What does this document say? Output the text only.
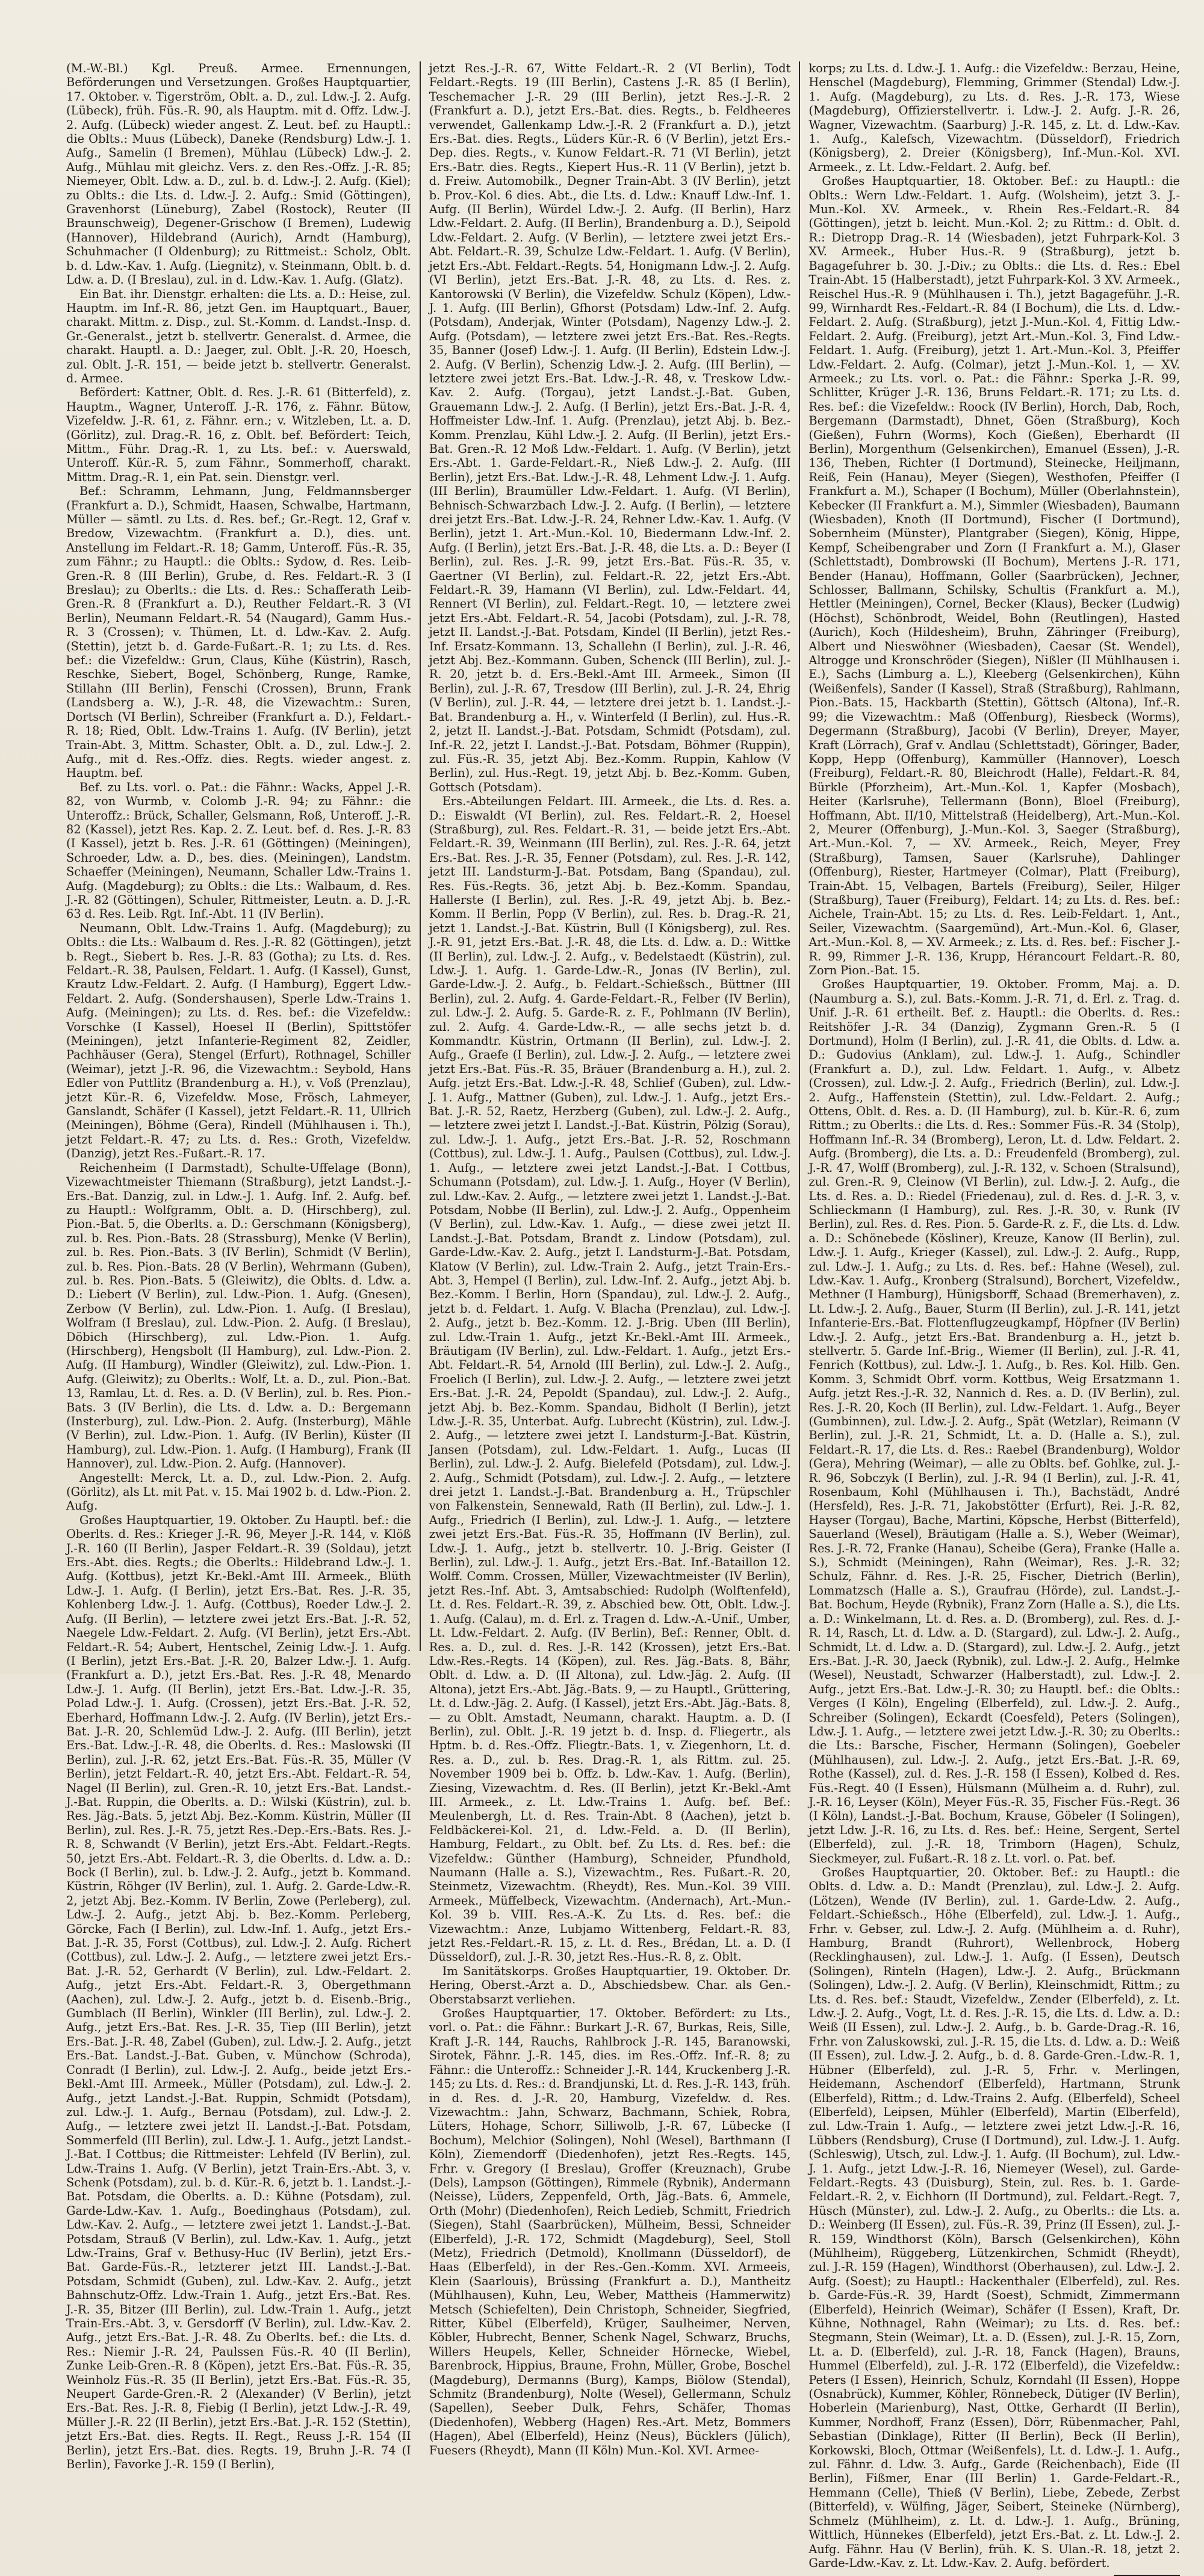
(M.-W.-Bl.) Kgl. Preuß. Armee. Ernennungen, Beförderungen und Versetzungen. Großes Hauptquartier, 17. Oktober. v. Tigerström, Oblt. a. D., zul. Ldw.-J. 2. Aufg. (Lübeck), früh. Füs.-R. 90, als Hauptm. mit d. Offz. Ldw.-J. 2. Aufg. (Lübeck) wieder angest. Z. Leut. bef. zu Hauptl.: die Oblts.: Muus (Lübeck), Daneke (Rendsburg) Ldw.-J. 1. Aufg., Samelin (I Bremen), Mühlau (Lübeck) Ldw.-J. 2. Aufg., Mühlau mit gleichz. Vers. z. den Res.-Offz. J.-R. 85; Niemeyer, Oblt. Ldw. a. D., zul. b. d. Ldw.-J. 2. Aufg. (Kiel); zu Oblts.: die Lts. d. Ldw.-J. 2. Aufg.: Smid (Göttingen), Gravenhorst (Lüneburg), Zabel (Rostock), Reuter (II Braunschweig), Degener-Grischow (I Bremen), Ludewig (Hannover), Hildebrand (Aurich), Arndt (Hamburg), Schuhmacher (I Oldenburg); zu Rittmeist.: Scholz, Oblt. b. d. Ldw.-Kav. 1. Aufg. (Liegnitz), v. Steinmann, Oblt. b. d. Ldw. a. D. (I Breslau), zul. in d. Ldw.-Kav. 1. Aufg. (Glatz).

Ein Bat. ihr. Dienstgr. erhalten: die Lts. a. D.: Heise, zul. Hauptm. im Inf.-R. 86, jetzt Gen. im Hauptquart., Bauer, charakt. Mittm. z. Disp., zul. St.-Komm. d. Landst.-Insp. d. Gr.-Generalst., jetzt b. stellvertr. Generalst. d. Armee, die charakt. Hauptl. a. D.: Jaeger, zul. Oblt. J.-R. 20, Hoesch, zul. Oblt. J.-R. 151, — beide jetzt b. stellvertr. Generalst. d. Armee.

Befördert: Kattner, Oblt. d. Res. J.-R. 61 (Bitterfeld), z. Hauptm., Wagner, Unteroff. J.-R. 176, z. Fähnr. Bütow, Vizefeldw. J.-R. 61, z. Fähnr. ern.; v. Witzleben, Lt. a. D. (Görlitz), zul. Drag.-R. 16, z. Oblt. bef. Befördert: Teich, Mittm., Führ. Drag.-R. 1, zu Lts. bef.: v. Auerswald, Unteroff. Kür.-R. 5, zum Fähnr., Sommerhoff, charakt. Mittm. Drag.-R. 1, ein Pat. sein. Dienstgr. verl.

Bef.: Schramm, Lehmann, Jung, Feldmannsberger (Frankfurt a. D.), Schmidt, Haasen, Schwalbe, Hartmann, Müller — sämtl. zu Lts. d. Res. bef.; Gr.-Regt. 12, Graf v. Bredow, Vizewachtm. (Frankfurt a. D.), dies. unt. Anstellung im Feldart.-R. 18; Gamm, Unteroff. Füs.-R. 35, zum Fähnr.; zu Hauptl.: die Oblts.: Sydow, d. Res. Leib-Gren.-R. 8 (III Berlin), Grube, d. Res. Feldart.-R. 3 (I Breslau); zu Oberlts.: die Lts. d. Res.: Schafferath Leib-Gren.-R. 8 (Frankfurt a. D.), Reuther Feldart.-R. 3 (VI Berlin), Neumann Feldart.-R. 54 (Naugard), Gamm Hus.-R. 3 (Crossen); v. Thümen, Lt. d. Ldw.-Kav. 2. Aufg. (Stettin), jetzt b. d. Garde-Fußart.-R. 1; zu Lts. d. Res. bef.: die Vizefeldw.: Grun, Claus, Kühe (Küstrin), Rasch, Reschke, Siebert, Bogel, Schönberg, Runge, Ramke, Stillahn (III Berlin), Fenschi (Crossen), Brunn, Frank (Landsberg a. W.), J.-R. 48, die Vizewachtm.: Suren, Dortsch (VI Berlin), Schreiber (Frankfurt a. D.), Feldart.-R. 18; Ried, Oblt. Ldw.-Trains 1. Aufg. (IV Berlin), jetzt Train-Abt. 3, Mittm. Schaster, Oblt. a. D., zul. Ldw.-J. 2. Aufg., mit d. Res.-Offz. dies. Regts. wieder angest. z. Hauptm. bef.

Bef. zu Lts. vorl. o. Pat.: die Fähnr.: Wacks, Appel J.-R. 82, von Wurmb, v. Colomb J.-R. 94; zu Fähnr.: die Unteroffz.: Brück, Schaller, Gelsmann, Roß, Unteroff. J.-R. 82 (Kassel), jetzt Res. Kap. 2. Z. Leut. bef. d. Res. J.-R. 83 (I Kassel), jetzt b. Res. J.-R. 61 (Göttingen) (Meiningen), Schroeder, Ldw. a. D., bes. dies. (Meiningen), Landstm. Schaeffer (Meiningen), Neumann, Schaller Ldw.-Trains 1. Aufg. (Magdeburg); zu Oblts.: die Lts.: Walbaum, d. Res. J.-R. 82 (Göttingen), Schuler, Rittmeister, Leutn. a. D. J.-R. 63 d. Res. Leib. Rgt. Inf.-Abt. 11 (IV Berlin).

Neumann, Oblt. Ldw.-Trains 1. Aufg. (Magdeburg); zu Oblts.: die Lts.: Walbaum d. Res. J.-R. 82 (Göttingen), jetzt b. Regt., Siebert b. Res. J.-R. 83 (Gotha); zu Lts. d. Res. Feldart.-R. 38, Paulsen, Feldart. 1. Aufg. (I Kassel), Gunst, Krautz Ldw.-Feldart. 2. Aufg. (I Hamburg), Eggert Ldw.-Feldart. 2. Aufg. (Sondershausen), Sperle Ldw.-Trains 1. Aufg. (Meiningen); zu Lts. d. Res. bef.: die Vizefeldw.: Vorschke (I Kassel), Hoesel II (Berlin), Spittstöfer (Meiningen), jetzt Infanterie-Regiment 82, Zeidler, Pachhäuser (Gera), Stengel (Erfurt), Rothnagel, Schiller (Weimar), jetzt J.-R. 96, die Vizewachtm.: Seybold, Hans Edler von Puttlitz (Brandenburg a. H.), v. Voß (Prenzlau), jetzt Kür.-R. 6, Vizefeldw. Mose, Frösch, Lahmeyer, Ganslandt, Schäfer (I Kassel), jetzt Feldart.-R. 11, Ullrich (Meiningen), Böhme (Gera), Rindell (Mühlhausen i. Th.), jetzt Feldart.-R. 47; zu Lts. d. Res.: Groth, Vizefeldw. (Danzig), jetzt Res.-Fußart.-R. 17.

Reichenheim (I Darmstadt), Schulte-Uffelage (Bonn), Vizewachtmeister Thiemann (Straßburg), jetzt Landst.-J.-Ers.-Bat. Danzig, zul. in Ldw.-J. 1. Aufg. Inf. 2. Aufg. bef. zu Hauptl.: Wolfgramm, Oblt. a. D. (Hirschberg), zul. Pion.-Bat. 5, die Oberlts. a. D.: Gerschmann (Königsberg), zul. b. Res. Pion.-Bats. 28 (Strassburg), Menke (V Berlin), zul. b. Res. Pion.-Bats. 3 (IV Berlin), Schmidt (V Berlin), zul. b. Res. Pion.-Bats. 28 (V Berlin), Wehrmann (Guben), zul. b. Res. Pion.-Bats. 5 (Gleiwitz), die Oblts. d. Ldw. a. D.: Liebert (V Berlin), zul. Ldw.-Pion. 1. Aufg. (Gnesen), Zerbow (V Berlin), zul. Ldw.-Pion. 1. Aufg. (I Breslau), Wolfram (I Breslau), zul. Ldw.-Pion. 2. Aufg. (I Breslau), Döbich (Hirschberg), zul. Ldw.-Pion. 1. Aufg. (Hirschberg), Hengsbolt (II Hamburg), zul. Ldw.-Pion. 2. Aufg. (II Hamburg), Windler (Gleiwitz), zul. Ldw.-Pion. 1. Aufg. (Gleiwitz); zu Oberlts.: Wolf, Lt. a. D., zul. Pion.-Bat. 13, Ramlau, Lt. d. Res. a. D. (V Berlin), zul. b. Res. Pion.-Bats. 3 (IV Berlin), die Lts. d. Ldw. a. D.: Bergemann (Insterburg), zul. Ldw.-Pion. 2. Aufg. (Insterburg), Mähle (V Berlin), zul. Ldw.-Pion. 1. Aufg. (IV Berlin), Küster (II Hamburg), zul. Ldw.-Pion. 1. Aufg. (I Hamburg), Frank (II Hannover), zul. Ldw.-Pion. 2. Aufg. (Hannover).

Angestellt: Merck, Lt. a. D., zul. Ldw.-Pion. 2. Aufg. (Görlitz), als Lt. mit Pat. v. 15. Mai 1902 b. d. Ldw.-Pion. 2. Aufg.

Großes Hauptquartier, 19. Oktober. Zu Hauptl. bef.: die Oberlts. d. Res.: Krieger J.-R. 96, Meyer J.-R. 144, v. Klöß J.-R. 160 (II Berlin), Jasper Feldart.-R. 39 (Soldau), jetzt Ers.-Abt. dies. Regts.; die Oberlts.: Hildebrand Ldw.-J. 1. Aufg. (Kottbus), jetzt Kr.-Bekl.-Amt III. Armeek., Blüth Ldw.-J. 1. Aufg. (I Berlin), jetzt Ers.-Bat. Res. J.-R. 35, Kohlenberg Ldw.-J. 1. Aufg. (Cottbus), Roeder Ldw.-J. 2. Aufg. (II Berlin), — letztere zwei jetzt Ers.-Bat. J.-R. 52, Naegele Ldw.-Feldart. 2. Aufg. (VI Berlin), jetzt Ers.-Abt. Feldart.-R. 54; Aubert, Hentschel, Zeinig Ldw.-J. 1. Aufg. (I Berlin), jetzt Ers.-Bat. J.-R. 20, Balzer Ldw.-J. 1. Aufg. (Frankfurt a. D.), jetzt Ers.-Bat. Res. J.-R. 48, Menardo Ldw.-J. 1. Aufg. (II Berlin), jetzt Ers.-Bat. Ldw.-J.-R. 35, Polad Ldw.-J. 1. Aufg. (Crossen), jetzt Ers.-Bat. J.-R. 52, Eberhard, Hoffmann Ldw.-J. 2. Aufg. (IV Berlin), jetzt Ers.-Bat. J.-R. 20, Schlemüd Ldw.-J. 2. Aufg. (III Berlin), jetzt Ers.-Bat. Ldw.-J.-R. 48, die Oberlts. d. Res.: Maslowski (II Berlin), zul. J.-R. 62, jetzt Ers.-Bat. Füs.-R. 35, Müller (V Berlin), jetzt Feldart.-R. 40, jetzt Ers.-Abt. Feldart.-R. 54, Nagel (II Berlin), zul. Gren.-R. 10, jetzt Ers.-Bat. Landst.-J.-Bat. Ruppin, die Oberlts. a. D.: Wilski (Küstrin), zul. b. Res. Jäg.-Bats. 5, jetzt Abj. Bez.-Komm. Küstrin, Müller (II Berlin), zul. Res. J.-R. 75, jetzt Res.-Dep.-Ers.-Bats. Res. J.-R. 8, Schwandt (V Berlin), jetzt Ers.-Abt. Feldart.-Regts. 50, jetzt Ers.-Abt. Feldart.-R. 3, die Oberlts. d. Ldw. a. D.: Bock (I Berlin), zul. b. Ldw.-J. 2. Aufg., jetzt b. Kommand. Küstrin, Röhger (IV Berlin), zul. 1. Aufg. 2. Garde-Ldw.-R. 2, jetzt Abj. Bez.-Komm. IV Berlin, Zowe (Perleberg), zul. Ldw.-J. 2. Aufg., jetzt Abj. b. Bez.-Komm. Perleberg, Görcke, Fach (I Berlin), zul. Ldw.-Inf. 1. Aufg., jetzt Ers.-Bat. J.-R. 35, Forst (Cottbus), zul. Ldw.-J. 2. Aufg. Richert (Cottbus), zul. Ldw.-J. 2. Aufg., — letztere zwei jetzt Ers.-Bat. J.-R. 52, Gerhardt (V Berlin), zul. Ldw.-Feldart. 2. Aufg., jetzt Ers.-Abt. Feldart.-R. 3, Obergethmann (Aachen), zul. Ldw.-J. 2. Aufg., jetzt b. d. Eisenb.-Brig., Gumblach (II Berlin), Winkler (III Berlin), zul. Ldw.-J. 2. Aufg., jetzt Ers.-Bat. Res. J.-R. 35, Tiep (III Berlin), jetzt Ers.-Bat. J.-R. 48, Zabel (Guben), zul. Ldw.-J. 2. Aufg., jetzt Ers.-Bat. Landst.-J.-Bat. Guben, v. Münchow (Schroda), Conradt (I Berlin), zul. Ldw.-J. 2. Aufg., beide jetzt Ers.-Bekl.-Amt III. Armeek., Müller (Potsdam), zul. Ldw.-J. 2. Aufg., jetzt Landst.-J.-Bat. Ruppin, Schmidt (Potsdam), zul. Ldw.-J. 1. Aufg., Bernau (Potsdam), zul. Ldw.-J. 2. Aufg., — letztere zwei jetzt II. Landst.-J.-Bat. Potsdam, Sommerfeld (III Berlin), zul. Ldw.-J. 1. Aufg., jetzt Landst.-J.-Bat. I Cottbus; die Rittmeister: Lehfeld (IV Berlin), zul. Ldw.-Trains 1. Aufg. (V Berlin), jetzt Train-Ers.-Abt. 3, v. Schenk (Potsdam), zul. b. d. Kür.-R. 6, jetzt b. 1. Landst.-J.-Bat. Potsdam, die Oberlts. a. D.: Kühne (Potsdam), zul. Garde-Ldw.-Kav. 1. Aufg., Boedinghaus (Potsdam), zul. Ldw.-Kav. 2. Aufg., — letztere zwei jetzt 1. Landst.-J.-Bat. Potsdam, Strauß (V Berlin), zul. Ldw.-Kav. 1. Aufg., jetzt Ldw.-Trains, Graf v. Bethusy-Huc (IV Berlin), jetzt Ers.-Bat. Garde-Füs.-R., letzterer jetzt III. Landst.-J.-Bat. Potsdam, Schmidt (Guben), zul. Ldw.-Kav. 2. Aufg., jetzt Bahnschutz-Offz. Ldw.-Train 1. Aufg., jetzt Ers.-Bat. Res. J.-R. 35, Bitzer (III Berlin), zul. Ldw.-Train 1. Aufg., jetzt Train-Ers.-Abt. 3, v. Gersdorff (V Berlin), zul. Ldw.-Kav. 2. Aufg., jetzt Ers.-Bat. J.-R. 48. Zu Oberlts. bef.: die Lts. d. Res.: Niemir J.-R. 24, Paulssen Füs.-R. 40 (II Berlin), Zunke Leib-Gren.-R. 8 (Köpen), jetzt Ers.-Bat. Füs.-R. 35, Weinholz Füs.-R. 35 (II Berlin), jetzt Ers.-Bat. Füs.-R. 35, Neupert Garde-Gren.-R. 2 (Alexander) (V Berlin), jetzt Ers.-Bat. Res. J.-R. 8, Fiebig (I Berlin), jetzt Ldw.-J.-R. 49, Müller J.-R. 22 (II Berlin), jetzt Ers.-Bat. J.-R. 152 (Stettin), jetzt Ers.-Bat. dies. Regts. II. Regt., Reuss J.-R. 154 (II Berlin), jetzt Ers.-Bat. dies. Regts. 19, Bruhn J.-R. 74 (I Berlin), Favorke J.-R. 159 (I Berlin),

jetzt Res.-J.-R. 67, Witte Feldart.-R. 2 (VI Berlin), Todt Feldart.-Regts. 19 (III Berlin), Castens J.-R. 85 (I Berlin), Teschemacher J.-R. 29 (III Berlin), jetzt Res.-J.-R. 2 (Frankfurt a. D.), jetzt Ers.-Bat. dies. Regts., b. Feldheeres verwendet, Gallenkamp Ldw.-J.-R. 2 (Frankfurt a. D.), jetzt Ers.-Bat. dies. Regts., Lüders Kür.-R. 6 (V Berlin), jetzt Ers.-Dep. dies. Regts., v. Kunow Feldart.-R. 71 (VI Berlin), jetzt Ers.-Batr. dies. Regts., Kiepert Hus.-R. 11 (V Berlin), jetzt b. d. Freiw. Automobilk., Degner Train-Abt. 3 (IV Berlin), jetzt b. Prov.-Kol. 6 dies. Abt., die Lts. d. Ldw.: Knauff Ldw.-Inf. 1. Aufg. (II Berlin), Würdel Ldw.-J. 2. Aufg. (II Berlin), Harz Ldw.-Feldart. 2. Aufg. (II Berlin), Brandenburg a. D.), Seipold Ldw.-Feldart. 2. Aufg. (V Berlin), — letztere zwei jetzt Ers.-Abt. Feldart.-R. 39, Schulze Ldw.-Feldart. 1. Aufg. (V Berlin), jetzt Ers.-Abt. Feldart.-Regts. 54, Honigmann Ldw.-J. 2. Aufg. (VI Berlin), jetzt Ers.-Bat. J.-R. 48, zu Lts. d. Res. z. Kantorowski (V Berlin), die Vizefeldw. Schulz (Köpen), Ldw.-J. 1. Aufg. (III Berlin), Gfhorst (Potsdam) Ldw.-Inf. 2. Aufg. (Potsdam), Anderjak, Winter (Potsdam), Nagenzy Ldw.-J. 2. Aufg. (Potsdam), — letztere zwei jetzt Ers.-Bat. Res.-Regts. 35, Banner (Josef) Ldw.-J. 1. Aufg. (II Berlin), Edstein Ldw.-J. 2. Aufg. (V Berlin), Schenzig Ldw.-J. 2. Aufg. (III Berlin), — letztere zwei jetzt Ers.-Bat. Ldw.-J.-R. 48, v. Treskow Ldw.-Kav. 2. Aufg. (Torgau), jetzt Landst.-J.-Bat. Guben, Grauemann Ldw.-J. 2. Aufg. (I Berlin), jetzt Ers.-Bat. J.-R. 4, Hoffmeister Ldw.-Inf. 1. Aufg. (Prenzlau), jetzt Abj. b. Bez.-Komm. Prenzlau, Kühl Ldw.-J. 2. Aufg. (II Berlin), jetzt Ers.-Bat. Gren.-R. 12 Moß Ldw.-Feldart. 1. Aufg. (V Berlin), jetzt Ers.-Abt. 1. Garde-Feldart.-R., Nieß Ldw.-J. 2. Aufg. (III Berlin), jetzt Ers.-Bat. Ldw.-J.-R. 48, Lehment Ldw.-J. 1. Aufg. (III Berlin), Braumüller Ldw.-Feldart. 1. Aufg. (VI Berlin), Behnisch-Schwarzbach Ldw.-J. 2. Aufg. (I Berlin), — letztere drei jetzt Ers.-Bat. Ldw.-J.-R. 24, Rehner Ldw.-Kav. 1. Aufg. (V Berlin), jetzt 1. Art.-Mun.-Kol. 10, Biedermann Ldw.-Inf. 2. Aufg. (I Berlin), jetzt Ers.-Bat. J.-R. 48, die Lts. a. D.: Beyer (I Berlin), zul. Res. J.-R. 99, jetzt Ers.-Bat. Füs.-R. 35, v. Gaertner (VI Berlin), zul. Feldart.-R. 22, jetzt Ers.-Abt. Feldart.-R. 39, Hamann (VI Berlin), zul. Ldw.-Feldart. 44, Rennert (VI Berlin), zul. Feldart.-Regt. 10, — letztere zwei jetzt Ers.-Abt. Feldart.-R. 54, Jacobi (Potsdam), zul. J.-R. 78, jetzt II. Landst.-J.-Bat. Potsdam, Kindel (II Berlin), jetzt Res.-Inf. Ersatz-Kommann. 13, Schallehn (I Berlin), zul. J.-R. 46, jetzt Abj. Bez.-Kommann. Guben, Schenck (III Berlin), zul. J.-R. 20, jetzt b. d. Ers.-Bekl.-Amt III. Armeek., Simon (II Berlin), zul. J.-R. 67, Tresdow (III Berlin), zul. J.-R. 24, Ehrig (V Berlin), zul. J.-R. 44, — letztere drei jetzt b. 1. Landst.-J.-Bat. Brandenburg a. H., v. Winterfeld (I Berlin), zul. Hus.-R. 2, jetzt II. Landst.-J.-Bat. Potsdam, Schmidt (Potsdam), zul. Inf.-R. 22, jetzt I. Landst.-J.-Bat. Potsdam, Böhmer (Ruppin), zul. Füs.-R. 35, jetzt Abj. Bez.-Komm. Ruppin, Kahlow (V Berlin), zul. Hus.-Regt. 19, jetzt Abj. b. Bez.-Komm. Guben, Gottsch (Potsdam).

Ers.-Abteilungen Feldart. III. Armeek., die Lts. d. Res. a. D.: Eiswaldt (VI Berlin), zul. Res. Feldart.-R. 2, Hoesel (Straßburg), zul. Res. Feldart.-R. 31, — beide jetzt Ers.-Abt. Feldart.-R. 39, Weinmann (III Berlin), zul. Res. J.-R. 64, jetzt Ers.-Bat. Res. J.-R. 35, Fenner (Potsdam), zul. Res. J.-R. 142, jetzt III. Landsturm-J.-Bat. Potsdam, Bang (Spandau), zul. Res. Füs.-Regts. 36, jetzt Abj. b. Bez.-Komm. Spandau, Hallerste (I Berlin), zul. Res. J.-R. 49, jetzt Abj. b. Bez.-Komm. II Berlin, Popp (V Berlin), zul. Res. b. Drag.-R. 21, jetzt 1. Landst.-J.-Bat. Küstrin, Bull (I Königsberg), zul. Res. J.-R. 91, jetzt Ers.-Bat. J.-R. 48, die Lts. d. Ldw. a. D.: Wittke (II Berlin), zul. Ldw.-J. 2. Aufg., v. Bedelstaedt (Küstrin), zul. Ldw.-J. 1. Aufg. 1. Garde-Ldw.-R., Jonas (IV Berlin), zul. Garde-Ldw.-J. 2. Aufg., b. Feldart.-Schießsch., Büttner (III Berlin), zul. 2. Aufg. 4. Garde-Feldart.-R., Felber (IV Berlin), zul. Ldw.-J. 2. Aufg. 5. Garde-R. z. F., Pohlmann (IV Berlin), zul. 2. Aufg. 4. Garde-Ldw.-R., — alle sechs jetzt b. d. Kommandtr. Küstrin, Ortmann (II Berlin), zul. Ldw.-J. 2. Aufg., Graefe (I Berlin), zul. Ldw.-J. 2. Aufg., — letztere zwei jetzt Ers.-Bat. Füs.-R. 35, Bräuer (Brandenburg a. H.), zul. 2. Aufg. jetzt Ers.-Bat. Ldw.-J.-R. 48, Schlief (Guben), zul. Ldw.-J. 1. Aufg., Mattner (Guben), zul. Ldw.-J. 1. Aufg., jetzt Ers.-Bat. J.-R. 52, Raetz, Herzberg (Guben), zul. Ldw.-J. 2. Aufg., — letztere zwei jetzt I. Landst.-J.-Bat. Küstrin, Pölzig (Sorau), zul. Ldw.-J. 1. Aufg., jetzt Ers.-Bat. J.-R. 52, Roschmann (Cottbus), zul. Ldw.-J. 1. Aufg., Paulsen (Cottbus), zul. Ldw.-J. 1. Aufg., — letztere zwei jetzt Landst.-J.-Bat. I Cottbus, Schumann (Potsdam), zul. Ldw.-J. 1. Aufg., Hoyer (V Berlin), zul. Ldw.-Kav. 2. Aufg., — letztere zwei jetzt 1. Landst.-J.-Bat. Potsdam, Nobbe (II Berlin), zul. Ldw.-J. 2. Aufg., Oppenheim (V Berlin), zul. Ldw.-Kav. 1. Aufg., — diese zwei jetzt II. Landst.-J.-Bat. Potsdam, Brandt z. Lindow (Potsdam), zul. Garde-Ldw.-Kav. 2. Aufg., jetzt I. Landsturm-J.-Bat. Potsdam, Klatow (V Berlin), zul. Ldw.-Train 2. Aufg., jetzt Train-Ers.-Abt. 3, Hempel (I Berlin), zul. Ldw.-Inf. 2. Aufg., jetzt Abj. b. Bez.-Komm. I Berlin, Horn (Spandau), zul. Ldw.-J. 2. Aufg., jetzt b. d. Feldart. 1. Aufg. V. Blacha (Prenzlau), zul. Ldw.-J. 2. Aufg., jetzt b. Bez.-Komm. 12. J.-Brig. Uben (III Berlin), zul. Ldw.-Train 1. Aufg., jetzt Kr.-Bekl.-Amt III. Armeek., Bräutigam (IV Berlin), zul. Ldw.-Feldart. 1. Aufg., jetzt Ers.-Abt. Feldart.-R. 54, Arnold (III Berlin), zul. Ldw.-J. 2. Aufg., Froelich (I Berlin), zul. Ldw.-J. 2. Aufg., — letztere zwei jetzt Ers.-Bat. J.-R. 24, Pepoldt (Spandau), zul. Ldw.-J. 2. Aufg., jetzt Abj. b. Bez.-Komm. Spandau, Bidholt (I Berlin), jetzt Ldw.-J.-R. 35, Unterbat. Aufg. Lubrecht (Küstrin), zul. Ldw.-J. 2. Aufg., — letztere zwei jetzt I. Landsturm-J.-Bat. Küstrin, Jansen (Potsdam), zul. Ldw.-Feldart. 1. Aufg., Lucas (II Berlin), zul. Ldw.-J. 2. Aufg. Bielefeld (Potsdam), zul. Ldw.-J. 2. Aufg., Schmidt (Potsdam), zul. Ldw.-J. 2. Aufg., — letztere drei jetzt 1. Landst.-J.-Bat. Brandenburg a. H., Trüpschler von Falkenstein, Sennewald, Rath (II Berlin), zul. Ldw.-J. 1. Aufg., Friedrich (I Berlin), zul. Ldw.-J. 1. Aufg., — letztere zwei jetzt Ers.-Bat. Füs.-R. 35, Hoffmann (IV Berlin), zul. Ldw.-J. 1. Aufg., jetzt b. stellvertr. 10. J.-Brig. Geister (I Berlin), zul. Ldw.-J. 1. Aufg., jetzt Ers.-Bat. Inf.-Bataillon 12. Wolff. Comm. Crossen, Müller, Vizewachtmeister (IV Berlin), jetzt Res.-Inf. Abt. 3, Amtsabschied: Rudolph (Wolftenfeld), Lt. d. Res. Feldart.-R. 39, z. Abschied bew. Ott, Oblt. Ldw.-J. 1. Aufg. (Calau), m. d. Erl. z. Tragen d. Ldw.-A.-Unif., Umber, Lt. Ldw.-Feldart. 2. Aufg. (IV Berlin), Bef.: Renner, Oblt. d. Res. a. D., zul. d. Res. J.-R. 142 (Krossen), jetzt Ers.-Bat. Ldw.-Res.-Regts. 14 (Köpen), zul. Res. Jäg.-Bats. 8, Bähr, Oblt. d. Ldw. a. D. (II Altona), zul. Ldw.-Jäg. 2. Aufg. (II Altona), jetzt Ers.-Abt. Jäg.-Bats. 9, — zu Hauptl., Grüttering, Lt. d. Ldw.-Jäg. 2. Aufg. (I Kassel), jetzt Ers.-Abt. Jäg.-Bats. 8, — zu Oblt. Amstadt, Neumann, charakt. Hauptm. a. D. (I Berlin), zul. Oblt. J.-R. 19 jetzt b. d. Insp. d. Fliegertr., als Hptm. b. d. Res.-Offz. Fliegtr.-Bats. 1, v. Ziegenhorn, Lt. d. Res. a. D., zul. b. Res. Drag.-R. 1, als Rittm. zul. 25. November 1909 bei b. Offz. b. Ldw.-Kav. 1. Aufg. (Berlin), Ziesing, Vizewachtm. d. Res. (II Berlin), jetzt Kr.-Bekl.-Amt III. Armeek., z. Lt. Ldw.-Trains 1. Aufg. bef. Bef.: Meulenbergh, Lt. d. Res. Train-Abt. 8 (Aachen), jetzt b. Feldbäckerei-Kol. 21, d. Ldw.-Feld. a. D. (II Berlin), Hamburg, Feldart., zu Oblt. bef. Zu Lts. d. Res. bef.: die Vizefeldw.: Günther (Hamburg), Schneider, Pfundhold, Naumann (Halle a. S.), Vizewachtm., Res. Fußart.-R. 20, Steinmetz, Vizewachtm. (Rheydt), Res. Mun.-Kol. 39 VIII. Armeek., Müffelbeck, Vizewachtm. (Andernach), Art.-Mun.-Kol. 39 b. VIII. Res.-A.-K. Zu Lts. d. Res. bef.: die Vizewachtm.: Anze, Lubjamo Wittenberg, Feldart.-R. 83, jetzt Res.-Feldart.-R. 15, z. Lt. d. Res., Brédan, Lt. a. D. (I Düsseldorf), zul. J.-R. 30, jetzt Res.-Hus.-R. 8, z. Oblt.

Im Sanitätskorps. Großes Hauptquartier, 19. Oktober. Dr. Hering, Oberst.-Arzt a. D., Abschiedsbew. Char. als Gen.-Oberstabsarzt verliehen.

Großes Hauptquartier, 17. Oktober. Befördert: zu Lts., vorl. o. Pat.: die Fähnr.: Burkart J.-R. 67, Burkas, Reis, Sille, Kraft J.-R. 144, Rauchs, Rahlbrock J.-R. 145, Baranowski, Sirotek, Fähnr. J.-R. 145, dies. im Res.-Offz. Inf.-R. 8; zu Fähnr.: die Unteroffz.: Schneider J.-R. 144, Kruckenberg J.-R. 145; zu Lts. d. Res.: d. Brandjunski, Lt. d. Res. J.-R. 143, früh. in d. Res. d. J.-R. 20, Hamburg, Vizefeldw. d. Res. Vizewachtm.: Jahn, Schwarz, Bachmann, Schiek, Robra, Lüters, Hohage, Schorr, Silliwolb, J.-R. 67, Lübecke (I Bochum), Melchior (Solingen), Nohl (Wesel), Barthmann (I Köln), Ziemendorff (Diedenhofen), jetzt Res.-Regts. 145, Frhr. v. Gregory (I Breslau), Groffer (Kreuznach), Grube (Dels), Lampson (Göttingen), Rimmele (Rybnik), Andermann (Neisse), Lüders, Zeppenfeld, Orth, Jäg.-Bats. 6, Ammele, Orth (Mohr) (Diedenhofen), Reich Ledieb, Schmitt, Friedrich (Siegen), Stahl (Saarbrücken), Mülheim, Bessi, Schneider (Elberfeld), J.-R. 172, Schmidt (Magdeburg), Seel, Stoll (Metz), Friedrich (Detmold), Knollmann (Düsseldorf), de Haas (Elberfeld), in der Res.-Gen.-Komm. XVI. Armeeis, Klein (Saarlouis), Brüssing (Frankfurt a. D.), Mantheitz (Mühlhausen), Kuhn, Leu, Weber, Mattheis (Hammerwitz) Metsch (Schiefelten), Dein Christoph, Schneider, Siegfried, Ritter, Kübel (Elberfeld), Krüger, Saulheimer, Nerven, Köbler, Hubrecht, Benner, Schenk Nagel, Schwarz, Bruchs, Willers Heupels, Keller, Schneider Hörnecke, Wiebel, Barenbrock, Hippius, Braune, Frohn, Müller, Grobe, Boschel (Magdeburg), Dermanns (Burg), Kamps, Biölow (Stendal), Schmitz (Brandenburg), Nolte (Wesel), Gellermann, Schulz (Sapellen), Seeber Dulk, Fehrs, Schäfer, Thomas (Diedenhofen), Webberg (Hagen) Res.-Art. Metz, Bommers (Hagen), Abel (Elberfeld), Heinz (Neus), Bücklers (Jülich), Fuesers (Rheydt), Mann (II Köln) Mun.-Kol. XVI. Armee-

korps; zu Lts. d. Ldw.-J. 1. Aufg.: die Vizefeldw.: Berzau, Heine, Henschel (Magdeburg), Flemming, Grimmer (Stendal) Ldw.-J. 1. Aufg. (Magdeburg), zu Lts. d. Res. J.-R. 173, Wiese (Magdeburg), Offizierstellvertr. i. Ldw.-J. 2. Aufg. J.-R. 26, Wagner, Vizewachtm. (Saarburg) J.-R. 145, z. Lt. d. Ldw.-Kav. 1. Aufg., Kalefsch, Vizewachtm. (Düsseldorf), Friedrich (Königsberg), 2. Dreier (Königsberg), Inf.-Mun.-Kol. XVI. Armeek., z. Lt. Ldw.-Feldart. 2. Aufg. bef.

Großes Hauptquartier, 18. Oktober. Bef.: zu Hauptl.: die Oblts.: Wern Ldw.-Feldart. 1. Aufg. (Wolsheim), jetzt 3. J.-Mun.-Kol. XV. Armeek., v. Rhein Res.-Feldart.-R. 84 (Göttingen), jetzt b. leicht. Mun.-Kol. 2; zu Rittm.: d. Oblt. d. R.: Dietropp Drag.-R. 14 (Wiesbaden), jetzt Fuhrpark-Kol. 3 XV. Armeek., Huber Hus.-R. 9 (Straßburg), jetzt b. Bagagefuhrer b. 30. J.-Div.; zu Oblts.: die Lts. d. Res.: Ebel Train-Abt. 15 (Halberstadt), jetzt Fuhrpark-Kol. 3 XV. Armeek., Reischel Hus.-R. 9 (Mühlhausen i. Th.), jetzt Bagageführ. J.-R. 99, Wirnhardt Res.-Feldart.-R. 84 (I Bochum), die Lts. d. Ldw.-Feldart. 2. Aufg. (Straßburg), jetzt J.-Mun.-Kol. 4, Fittig Ldw.-Feldart. 2. Aufg. (Freiburg), jetzt Art.-Mun.-Kol. 3, Find Ldw.-Feldart. 1. Aufg. (Freiburg), jetzt 1. Art.-Mun.-Kol. 3, Pfeiffer Ldw.-Feldart. 2. Aufg. (Colmar), jetzt J.-Mun.-Kol. 1, — XV. Armeek.; zu Lts. vorl. o. Pat.: die Fähnr.: Sperka J.-R. 99, Schlitter, Krüger J.-R. 136, Bruns Feldart.-R. 171; zu Lts. d. Res. bef.: die Vizefeldw.: Roock (IV Berlin), Horch, Dab, Roch, Bergemann (Darmstadt), Dhnet, Göen (Straßburg), Koch (Gießen), Fuhrn (Worms), Koch (Gießen), Eberhardt (II Berlin), Morgenthum (Gelsenkirchen), Emanuel (Essen), J.-R. 136, Theben, Richter (I Dortmund), Steinecke, Heiljmann, Reiß, Fein (Hanau), Meyer (Siegen), Westhofen, Pfeiffer (I Frankfurt a. M.), Schaper (I Bochum), Müller (Oberlahnstein), Kebecker (II Frankfurt a. M.), Simmler (Wiesbaden), Baumann (Wiesbaden), Knoth (II Dortmund), Fischer (I Dortmund), Sobernheim (Münster), Plantgraber (Siegen), König, Hippe, Kempf, Scheibengraber und Zorn (I Frankfurt a. M.), Glaser (Schlettstadt), Dombrowski (II Bochum), Mertens J.-R. 171, Bender (Hanau), Hoffmann, Goller (Saarbrücken), Jechner, Schlosser, Ballmann, Schilsky, Schultis (Frankfurt a. M.), Hettler (Meiningen), Cornel, Becker (Klaus), Becker (Ludwig) (Höchst), Schönbrodt, Weidel, Bohn (Reutlingen), Hasted (Aurich), Koch (Hildesheim), Bruhn, Zähringer (Freiburg), Albert und Nieswöhner (Wiesbaden), Caesar (St. Wendel), Altrogge und Kronschröder (Siegen), Nißler (II Mühlhausen i. E.), Sachs (Limburg a. L.), Kleeberg (Gelsenkirchen), Kühn (Weißenfels), Sander (I Kassel), Straß (Straßburg), Rahlmann, Pion.-Bats. 15, Hackbarth (Stettin), Göttsch (Altona), Inf.-R. 99; die Vizewachtm.: Maß (Offenburg), Riesbeck (Worms), Degermann (Straßburg), Jacobi (V Berlin), Dreyer, Mayer, Kraft (Lörrach), Graf v. Andlau (Schlettstadt), Göringer, Bader, Kopp, Hepp (Offenburg), Kammüller (Hannover), Loesch (Freiburg), Feldart.-R. 80, Bleichrodt (Halle), Feldart.-R. 84, Bürkle (Pforzheim), Art.-Mun.-Kol. 1, Kapfer (Mosbach), Heiter (Karlsruhe), Tellermann (Bonn), Bloel (Freiburg), Hoffmann, Abt. II/10, Mittelstraß (Heidelberg), Art.-Mun.-Kol. 2, Meurer (Offenburg), J.-Mun.-Kol. 3, Saeger (Straßburg), Art.-Mun.-Kol. 7, — XV. Armeek., Reich, Meyer, Frey (Straßburg), Tamsen, Sauer (Karlsruhe), Dahlinger (Offenburg), Riester, Hartmeyer (Colmar), Platt (Freiburg), Train-Abt. 15, Velbagen, Bartels (Freiburg), Seiler, Hilger (Straßburg), Tauer (Freiburg), Feldart. 14; zu Lts. d. Res. bef.: Aichele, Train-Abt. 15; zu Lts. d. Res. Leib-Feldart. 1, Ant., Seiler, Vizewachtm. (Saargemünd), Art.-Mun.-Kol. 6, Glaser, Art.-Mun.-Kol. 8, — XV. Armeek.; z. Lts. d. Res. bef.: Fischer J.-R. 99, Rimmer J.-R. 136, Krupp, Hérancourt Feldart.-R. 80, Zorn Pion.-Bat. 15.

Großes Hauptquartier, 19. Oktober. Fromm, Maj. a. D. (Naumburg a. S.), zul. Bats.-Komm. J.-R. 71, d. Erl. z. Trag. d. Unif. J.-R. 61 ertheilt. Bef. z. Hauptl.: die Oberlts. d. Res.: Reitshöfer J.-R. 34 (Danzig), Zygmann Gren.-R. 5 (I Dortmund), Holm (I Berlin), zul. J.-R. 41, die Oblts. d. Ldw. a. D.: Gudovius (Anklam), zul. Ldw.-J. 1. Aufg., Schindler (Frankfurt a. D.), zul. Ldw. Feldart. 1. Aufg., v. Albetz (Crossen), zul. Ldw.-J. 2. Aufg., Friedrich (Berlin), zul. Ldw.-J. 2. Aufg., Haffenstein (Stettin), zul. Ldw.-Feldart. 2. Aufg.; Ottens, Oblt. d. Res. a. D. (II Hamburg), zul. b. Kür.-R. 6, zum Rittm.; zu Oberlts.: die Lts. d. Res.: Sommer Füs.-R. 34 (Stolp), Hoffmann Inf.-R. 34 (Bromberg), Leron, Lt. d. Ldw. Feldart. 2. Aufg. (Bromberg), die Lts. a. D.: Freudenfeld (Bromberg), zul. J.-R. 47, Wolff (Bromberg), zul. J.-R. 132, v. Schoen (Stralsund), zul. Gren.-R. 9, Cleinow (VI Berlin), zul. Ldw.-J. 2. Aufg., die Lts. d. Res. a. D.: Riedel (Friedenau), zul. d. Res. d. J.-R. 3, v. Schlieckmann (I Hamburg), zul. Res. J.-R. 30, v. Runk (IV Berlin), zul. Res. d. Res. Pion. 5. Garde-R. z. F., die Lts. d. Ldw. a. D.: Schönebede (Kösliner), Kreuze, Kanow (II Berlin), zul. Ldw.-J. 1. Aufg., Krieger (Kassel), zul. Ldw.-J. 2. Aufg., Rupp, zul. Ldw.-J. 1. Aufg.; zu Lts. d. Res. bef.: Hahne (Wesel), zul. Ldw.-Kav. 1. Aufg., Kronberg (Stralsund), Borchert, Vizefeldw., Methner (I Hamburg), Hünigsborff, Schaad (Bremerhaven), z. Lt. Ldw.-J. 2. Aufg., Bauer, Sturm (II Berlin), zul. J.-R. 141, jetzt Infanterie-Ers.-Bat. Flottenflugzeugkampf, Höpfner (IV Berlin) Ldw.-J. 2. Aufg., jetzt Ers.-Bat. Brandenburg a. H., jetzt b. stellvertr. 5. Garde Inf.-Brig., Wiemer (II Berlin), zul. J.-R. 41, Fenrich (Kottbus), zul. Ldw.-J. 1. Aufg., b. Res. Kol. Hilb. Gen. Komm. 3, Schmidt Obrf. vorm. Kottbus, Weig Ersatzmann 1. Aufg. jetzt Res.-J.-R. 32, Nannich d. Res. a. D. (IV Berlin), zul. Res. J.-R. 20, Koch (II Berlin), zul. Ldw.-Feldart. 1. Aufg., Beyer (Gumbinnen), zul. Ldw.-J. 2. Aufg., Spät (Wetzlar), Reimann (V Berlin), zul. J.-R. 21, Schmidt, Lt. a. D. (Halle a. S.), zul. Feldart.-R. 17, die Lts. d. Res.: Raebel (Brandenburg), Woldor (Gera), Mehring (Weimar), — alle zu Oblts. bef. Gohlke, zul. J.-R. 96, Sobczyk (I Berlin), zul. J.-R. 94 (I Berlin), zul. J.-R. 41, Rosenbaum, Kohl (Mühlhausen i. Th.), Bachstädt, André (Hersfeld), Res. J.-R. 71, Jakobstötter (Erfurt), Rei. J.-R. 82, Hayser (Torgau), Bache, Martini, Köpsche, Herbst (Bitterfeld), Sauerland (Wesel), Bräutigam (Halle a. S.), Weber (Weimar), Res. J.-R. 72, Franke (Hanau), Scheibe (Gera), Franke (Halle a. S.), Schmidt (Meiningen), Rahn (Weimar), Res. J.-R. 32; Schulz, Fähnr. d. Res. J.-R. 25, Fischer, Dietrich (Berlin), Lommatzsch (Halle a. S.), Graufrau (Hörde), zul. Landst.-J.-Bat. Bochum, Heyde (Rybnik), Franz Zorn (Halle a. S.), die Lts. a. D.: Winkelmann, Lt. d. Res. a. D. (Bromberg), zul. Res. d. J.-R. 14, Rasch, Lt. d. Ldw. a. D. (Stargard), zul. Ldw.-J. 2. Aufg., Schmidt, Lt. d. Ldw. a. D. (Stargard), zul. Ldw.-J. 2. Aufg., jetzt Ers.-Bat. J.-R. 30, Jaeck (Rybnik), zul. Ldw.-J. 2. Aufg., Helmke (Wesel), Neustadt, Schwarzer (Halberstadt), zul. Ldw.-J. 2. Aufg., jetzt Ers.-Bat. Ldw.-J.-R. 30; zu Hauptl. bef.: die Oblts.: Verges (I Köln), Engeling (Elberfeld), zul. Ldw.-J. 2. Aufg., Schreiber (Solingen), Eckardt (Coesfeld), Peters (Solingen), Ldw.-J. 1. Aufg., — letztere zwei jetzt Ldw.-J.-R. 30; zu Oberlts.: die Lts.: Barsche, Fischer, Hermann (Solingen), Goebeler (Mühlhausen), zul. Ldw.-J. 2. Aufg., jetzt Ers.-Bat. J.-R. 69, Rothe (Kassel), zul. d. Res. J.-R. 158 (I Essen), Kolbed d. Res. Füs.-Regt. 40 (I Essen), Hülsmann (Mülheim a. d. Ruhr), zul. J.-R. 16, Leyser (Köln), Meyer Füs.-R. 35, Fischer Füs.-Regt. 36 (I Köln), Landst.-J.-Bat. Bochum, Krause, Göbeler (I Solingen), jetzt Ldw. J.-R. 16, zu Lts. d. Res. bef.: Heine, Sergent, Sertel (Elberfeld), zul. J.-R. 18, Trimborn (Hagen), Schulz, Sieckmeyer, zul. Fußart.-R. 18 z. Lt. vorl. o. Pat. bef.

Großes Hauptquartier, 20. Oktober. Bef.: zu Hauptl.: die Oblts. d. Ldw. a. D.: Mandt (Prenzlau), zul. Ldw.-J. 2. Aufg. (Lötzen), Wende (IV Berlin), zul. 1. Garde-Ldw. 2. Aufg., Feldart.-Schießsch., Höhe (Elberfeld), zul. Ldw.-J. 1. Aufg., Frhr. v. Gebser, zul. Ldw.-J. 2. Aufg. (Mühlheim a. d. Ruhr), Hamburg, Brandt (Ruhrort), Wellenbrock, Hoberg (Recklinghausen), zul. Ldw.-J. 1. Aufg. (I Essen), Deutsch (Solingen), Rinteln (Hagen), Ldw.-J. 2. Aufg., Brückmann (Solingen), Ldw.-J. 2. Aufg. (V Berlin), Kleinschmidt, Rittm.; zu Lts. d. Res. bef.: Staudt, Vizefeldw., Zender (Elberfeld), z. Lt. Ldw.-J. 2. Aufg., Vogt, Lt. d. Res. J.-R. 15, die Lts. d. Ldw. a. D.: Weiß (II Essen), zul. Ldw.-J. 2. Aufg., b. b. Garde-Drag.-R. 16, Frhr. von Zaluskowski, zul. J.-R. 15, die Lts. d. Ldw. a. D.: Weiß (II Essen), zul. Ldw.-J. 2. Aufg., b. d. 8. Garde-Gren.-Ldw.-R. 1, Hübner (Elberfeld), zul. J.-R. 5, Frhr. v. Merlingen, Heidemann, Aschendorf (Elberfeld), Hartmann, Strunk (Elberfeld), Rittm.; d. Ldw.-Trains 2. Aufg. (Elberfeld), Scheel (Elberfeld), Leipsen, Mühler (Elberfeld), Martin (Elberfeld), zul. Ldw.-Train 1. Aufg., — letztere zwei jetzt Ldw.-J.-R. 16, Lübbers (Rendsburg), Cruse (I Dortmund), zul. Ldw.-J. 1. Aufg. (Schleswig), Utsch, zul. Ldw.-J. 1. Aufg. (II Bochum), zul. Ldw.-J. 1. Aufg., jetzt Ldw.-J.-R. 16, Niemeyer (Wesel), zul. Garde-Feldart.-Regts. 43 (Duisburg), Stein, zul. Res. b. 1. Garde-Feldart.-R. 2, v. Eichhorn (II Dortmund), zul. Feldart.-Regt. 7, Hüsch (Münster), zul. Ldw.-J. 2. Aufg., zu Oberlts.: die Lts. a. D.: Weinberg (II Essen), zul. Füs.-R. 39, Prinz (II Essen), zul. J.-R. 159, Windthorst (Köln), Barsch (Gelsenkirchen), Köhn (Mühlheim), Rüggeberg, Lützenkirchen, Schmidt (Rheydt), zul. J.-R. 159 (Hagen), Windthorst (Oberhausen), zul. Ldw.-J. 2. Aufg. (Soest); zu Hauptl.: Hackenthaler (Elberfeld), zul. Res. b. Garde-Füs.-R. 39, Hardt (Soest), Schmidt, Zimmermann (Elberfeld), Heinrich (Weimar), Schäfer (I Essen), Kraft, Dr. Kühne, Nothnagel, Rahn (Weimar); zu Lts. d. Res. bef.: Stegmann, Stein (Weimar), Lt. a. D. (Essen), zul. J.-R. 15, Zorn, Lt. a. D. (Elberfeld), zul. J.-R. 18, Fanck (Hagen), Brauns, Hummel (Elberfeld), zul. J.-R. 172 (Elberfeld), die Vizefeldw.: Peters (I Essen), Heinrich, Schulz, Korndahl (II Essen), Hoppe (Osnabrück), Kummer, Köhler, Rönnebeck, Dütiger (IV Berlin), Hoberlein (Marienburg), Nast, Ottke, Gerhardt (II Berlin), Kummer, Nordhoff, Franz (Essen), Dörr, Rübenmacher, Pahl, Sebastian (Dinklage), Ritter (II Berlin), Beck (II Berlin), Korkowski, Bloch, Ottmar (Weißenfels), Lt. d. Ldw.-J. 1. Aufg., zul. Fähnr. d. Ldw. 3. Aufg., Garde (Reichenbach), Eide (II Berlin), Fißmer, Enar (III Berlin) 1. Garde-Feldart.-R., Hemmann (Celle), Thieß (V Berlin), Liebe, Zebede, Zerbst (Bitterfeld), v. Wülfing, Jäger, Seibert, Steineke (Nürnberg), Schmelz (Mühlheim), z. Lt. d. Ldw.-J. 1. Aufg., Brüning, Wittlich, Hünnekes (Elberfeld), jetzt Ers.-Bat. z. Lt. Ldw.-J. 2. Aufg. Fähnr. Hau (V Berlin), früh. K. S. Ulan.-R. 18, jetzt 2. Garde-Ldw.-Kav. z. Lt. Ldw.-Kav. 2. Aufg. befördert.
